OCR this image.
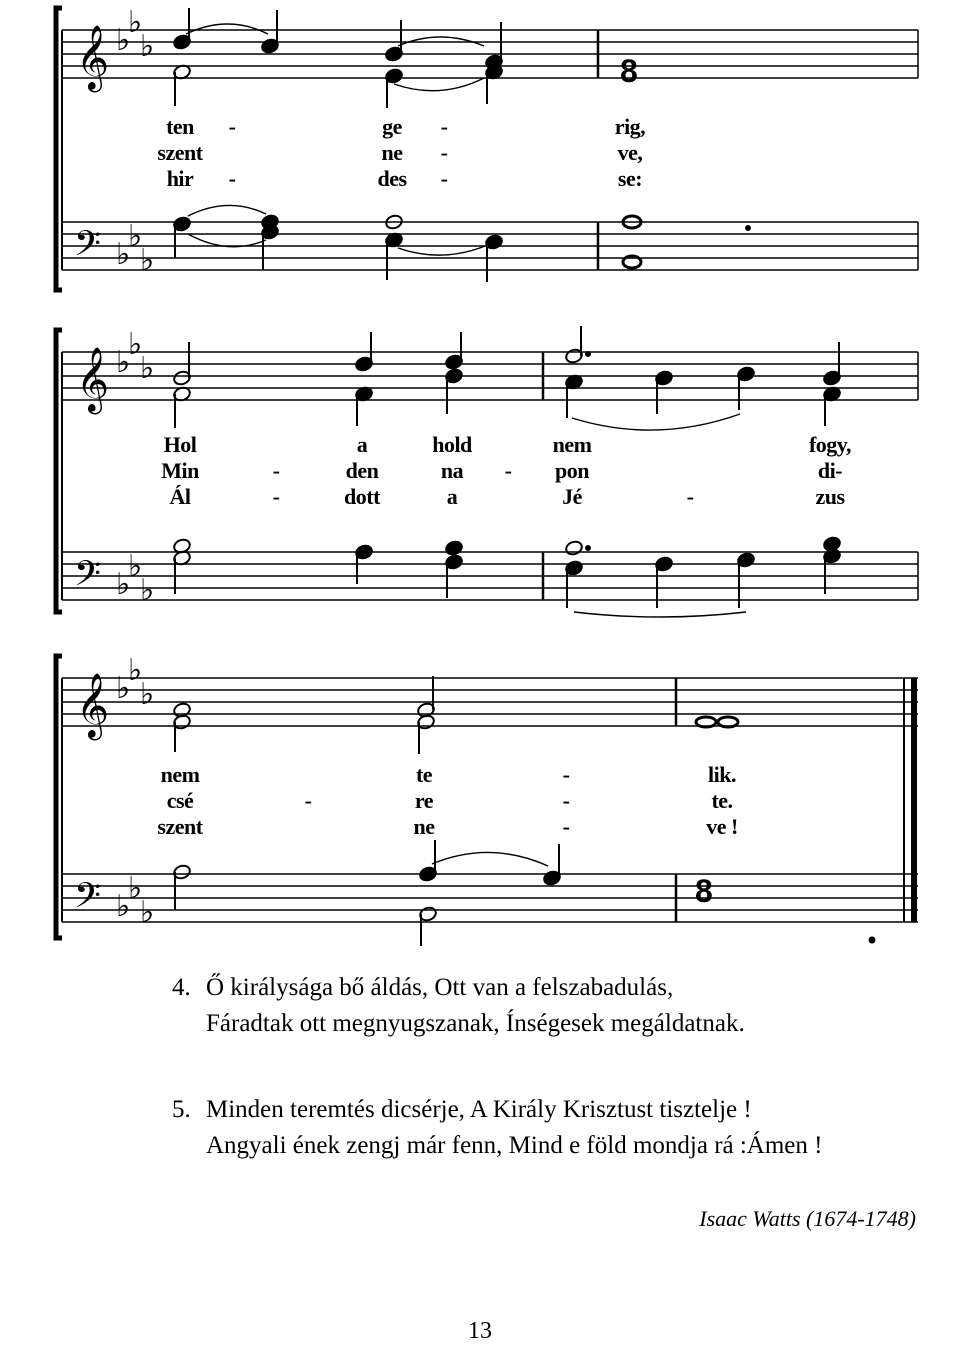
𝄞
𝄢
♭
♭
♭
♭
♭
♭
8
ten -	ge -	rig,
szent	ne -	ve,
hir -	des -	se:
𝄞
𝄢
♭
♭
♭
♭
♭
♭
Hol	a	hold	nem	fogy,
Min	-	den	na - pon	di-
Ál	-	dott	a	Jé	-	zus
𝄞
𝄢
♭
♭
♭
♭
♭
♭
8
nem	te	-	lik.
csé	-	re	-	te.
szent	ne	-	ve !
4. Ő királysága bő áldás, Ott van a felszabadulás,
Fáradtak ott megnyugszanak, Ínségesek megáldatnak.
5. Minden teremtés dicsérje, A Király Krisztust tisztelje !
Angyali ének zengj már fenn, Mind e föld mondja rá :Ámen !
Isaac Watts (1674-1748)
13
